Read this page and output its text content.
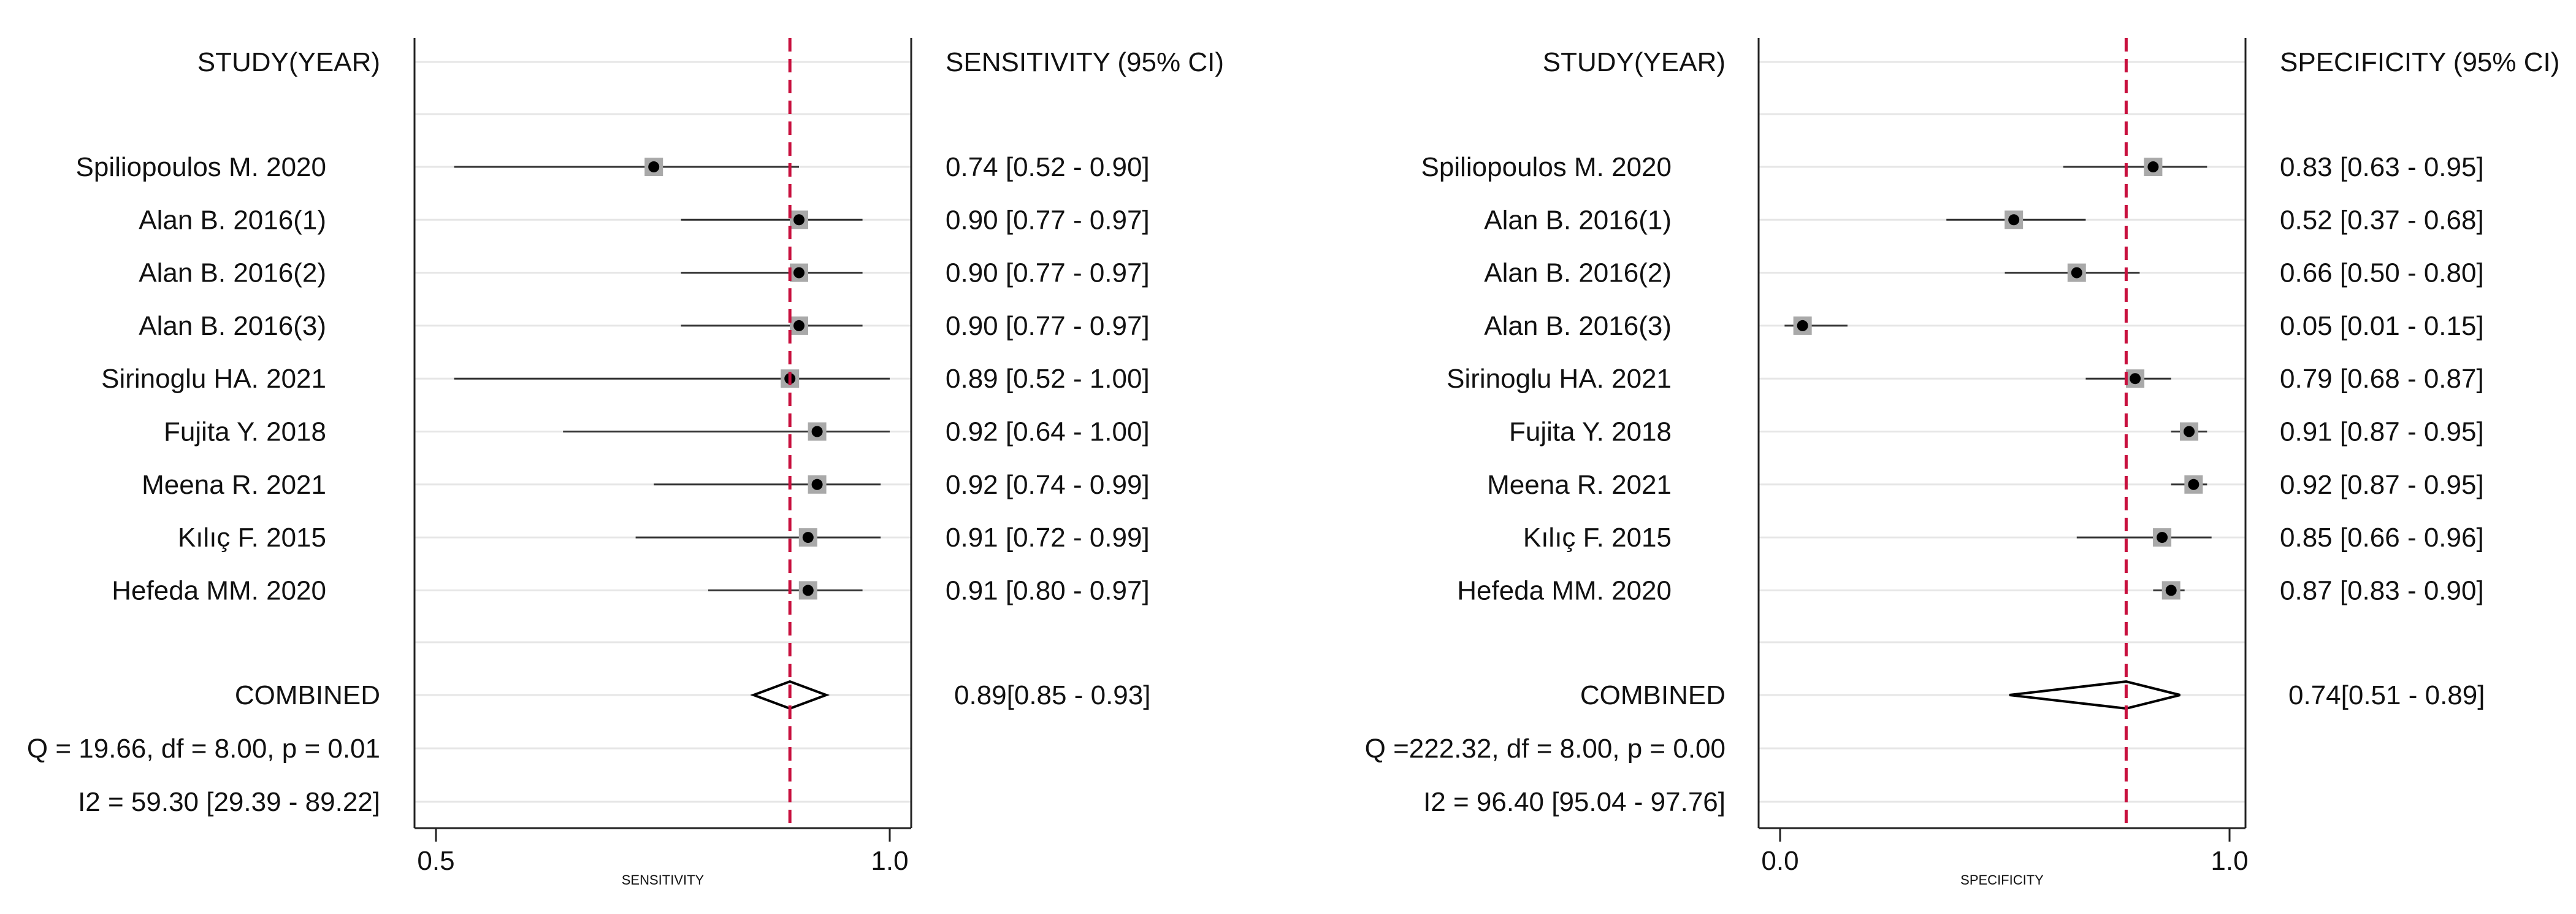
0.5	1.0
SENSITIVITY
STUDY(YEAR)	SENSITIVITY (95% CI)
Spiliopoulos M. 2020	0.74 [0.52 - 0.90]
Alan B. 2016(1)	0.90 [0.77 - 0.97]
Alan B. 2016(2)	0.90 [0.77 - 0.97]
Alan B. 2016(3)	0.90 [0.77 - 0.97]
Sirinoglu HA. 2021	0.89 [0.52 - 1.00]
Fujita Y. 2018	0.92 [0.64 - 1.00]
Meena R. 2021	0.92 [0.74 - 0.99]
Kılıç F. 2015	0.91 [0.72 - 0.99]
Hefeda MM. 2020	0.91 [0.80 - 0.97]
COMBINED	0.89[0.85 - 0.93]
Q = 19.66, df = 8.00, p = 0.01
I2 = 59.30 [29.39 - 89.22]
0.0	1.0
SPECIFICITY
STUDY(YEAR)	SPECIFICITY (95% CI)
Spiliopoulos M. 2020	0.83 [0.63 - 0.95]
Alan B. 2016(1)	0.52 [0.37 - 0.68]
Alan B. 2016(2)	0.66 [0.50 - 0.80]
Alan B. 2016(3)	0.05 [0.01 - 0.15]
Sirinoglu HA. 2021	0.79 [0.68 - 0.87]
Fujita Y. 2018	0.91 [0.87 - 0.95]
Meena R. 2021	0.92 [0.87 - 0.95]
Kılıç F. 2015	0.85 [0.66 - 0.96]
Hefeda MM. 2020	0.87 [0.83 - 0.90]
COMBINED	0.74[0.51 - 0.89]
Q =222.32, df = 8.00, p = 0.00
I2 = 96.40 [95.04 - 97.76]
